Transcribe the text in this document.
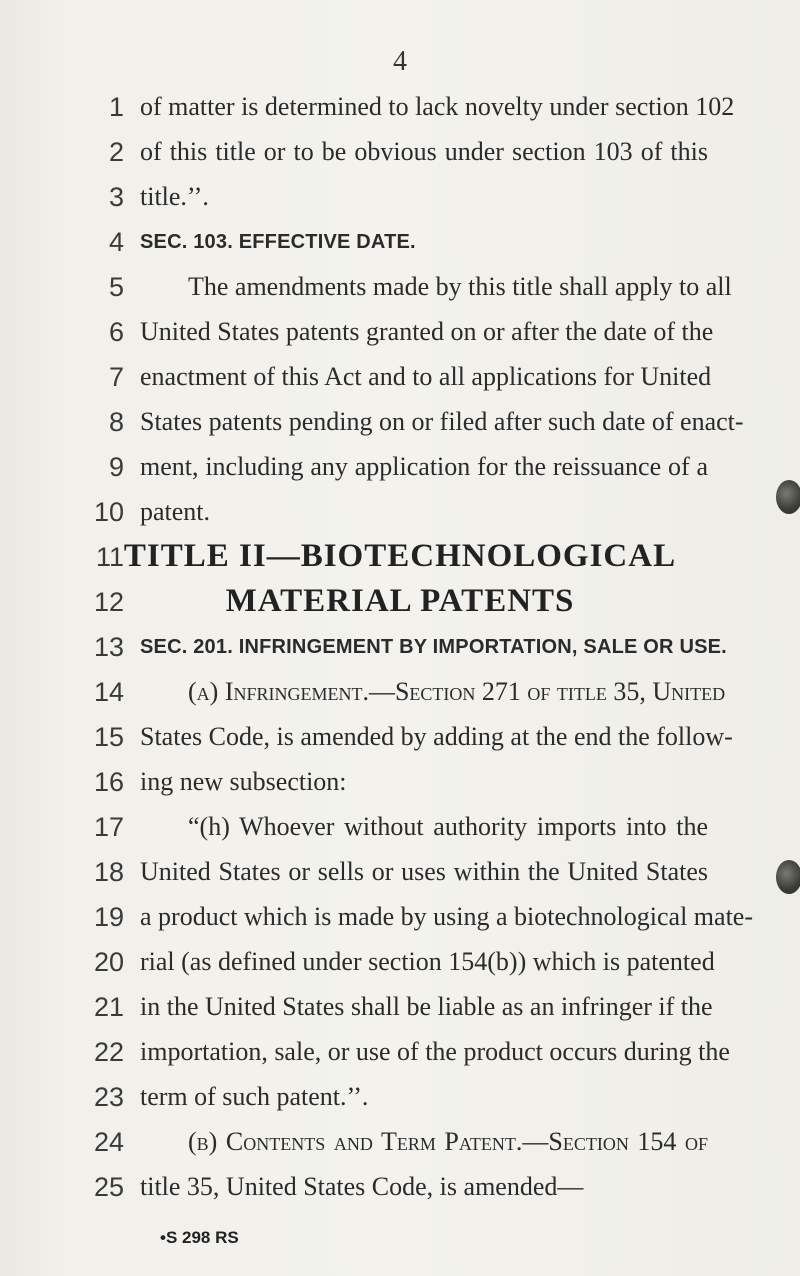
4
1 of matter is determined to lack novelty under section 102
2 of this title or to be obvious under section 103 of this
3 title.’’.
4 SEC. 103. EFFECTIVE DATE.
5 The amendments made by this title shall apply to all
6 United States patents granted on or after the date of the
7 enactment of this Act and to all applications for United
8 States patents pending on or filed after such date of enact-
9 ment, including any application for the reissuance of a
10 patent.
11 TITLE II—BIOTECHNOLOGICAL
12	MATERIAL PATENTS
13 SEC. 201. INFRINGEMENT BY IMPORTATION, SALE OR USE.
14 (a) Infringement.—Section 271 of title 35, United
15 States Code, is amended by adding at the end the follow-
16 ing new subsection:
17 “(h) Whoever without authority imports into the
18 United States or sells or uses within the United States
19 a product which is made by using a biotechnological mate-
20 rial (as defined under section 154(b)) which is patented
21 in the United States shall be liable as an infringer if the
22 importation, sale, or use of the product occurs during the
23 term of such patent.’’.
24 (b) Contents and Term Patent.—Section 154 of
25 title 35, United States Code, is amended—
•S 298 RS
